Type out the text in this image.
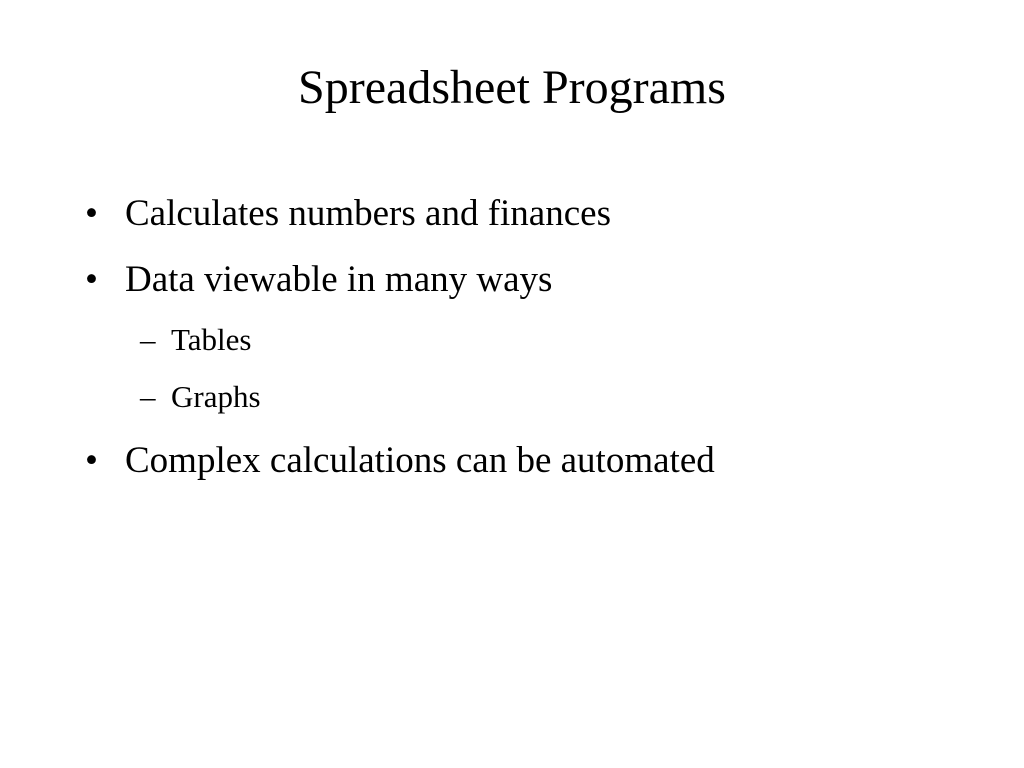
Spreadsheet Programs
• Calculates numbers and finances
• Data viewable in many ways
– Tables
– Graphs
• Complex calculations can be automated
